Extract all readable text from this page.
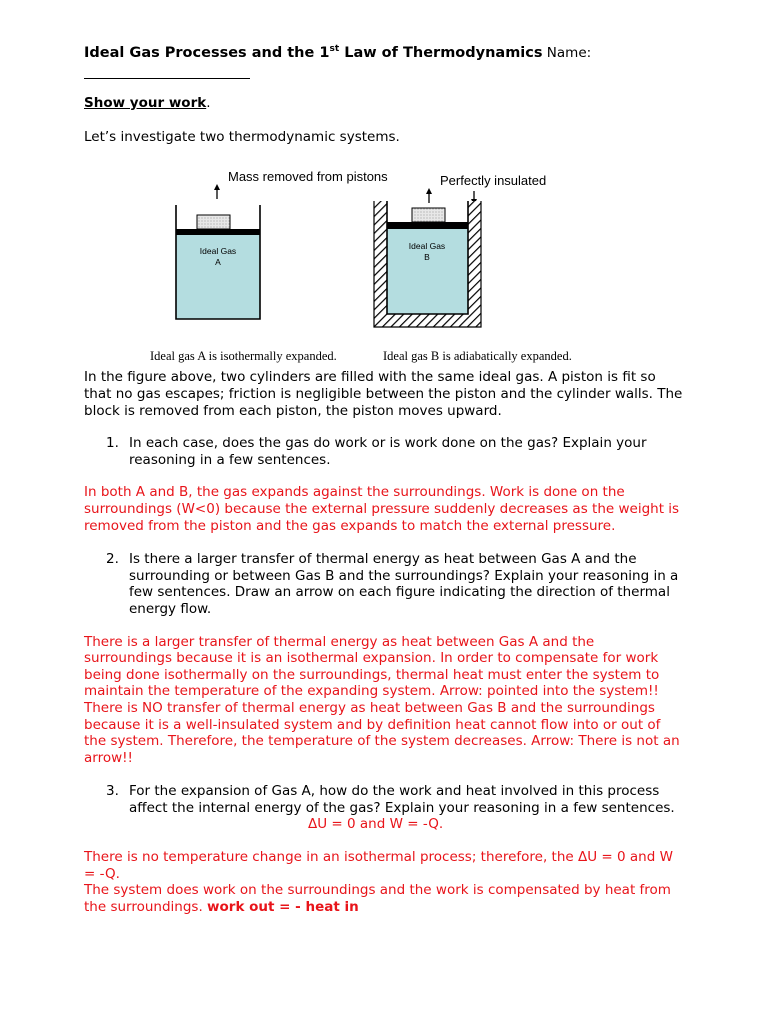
Ideal Gas Processes and the 1st Law of Thermodynamics Name:
Show your work.

Let’s investigate two thermodynamic systems.

Mass removed from pistons	Perfectly insulated
Ideal Gas
A
Ideal Gas
B
Ideal gas A is isothermally expanded.	Ideal gas B is adiabatically expanded.

In the figure above, two cylinders are filled with the same ideal gas. A piston is fit so that no gas escapes; friction is negligible between the piston and the cylinder walls. The block is removed from each piston, the piston moves upward.

1. In each case, does the gas do work or is work done on the gas? Explain your reasoning in a few sentences.

In both A and B, the gas expands against the surroundings. Work is done on the surroundings (W<0) because the external pressure suddenly decreases as the weight is removed from the piston and the gas expands to match the external pressure.

2. Is there a larger transfer of thermal energy as heat between Gas A and the surrounding or between Gas B and the surroundings? Explain your reasoning in a few sentences. Draw an arrow on each figure indicating the direction of thermal energy flow.

There is a larger transfer of thermal energy as heat between Gas A and the surroundings because it is an isothermal expansion. In order to compensate for work being done isothermally on the surroundings, thermal heat must enter the system to maintain the temperature of the expanding system. Arrow: pointed into the system!! There is NO transfer of thermal energy as heat between Gas B and the surroundings because it is a well-insulated system and by definition heat cannot flow into or out of the system. Therefore, the temperature of the system decreases. Arrow: There is not an arrow!!

3. For the expansion of Gas A, how do the work and heat involved in this process affect the internal energy of the gas? Explain your reasoning in a few sentences.

ΔU = 0 and W = -Q.

There is no temperature change in an isothermal process; therefore, the ΔU = 0 and W = -Q.

The system does work on the surroundings and the work is compensated by heat from the surroundings. work out = - heat in
